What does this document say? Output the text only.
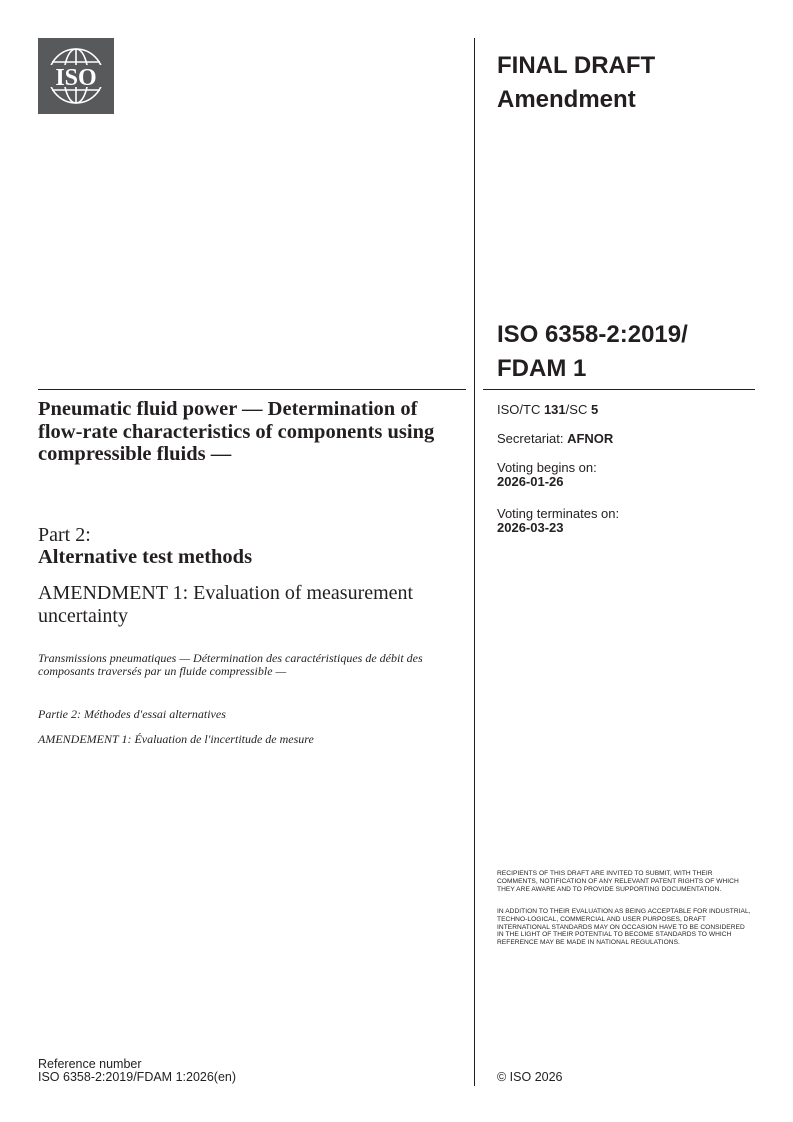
ISO	FINAL DRAFT
Amendment
ISO 6358-2:2019/
FDAM 1
Pneumatic fluid power — Determination of flow-rate characteristics of components using compressible fluids —
Part 2:
Alternative test methods
AMENDMENT 1: Evaluation of measurement uncertainty
Transmissions pneumatiques — Détermination des caractéristiques de débit des composants traversés par un fluide compressible —
Partie 2: Méthodes d'essai alternatives
AMENDEMENT 1: Évaluation de l'incertitude de mesure
ISO/TC 131/SC 5
Secretariat: AFNOR
Voting begins on:
2026-01-26
Voting terminates on:
2026-03-23
RECIPIENTS OF THIS DRAFT ARE INVITED TO SUBMIT, WITH THEIR COMMENTS, NOTIFICATION OF ANY RELEVANT PATENT RIGHTS OF WHICH THEY ARE AWARE AND TO PROVIDE SUPPORTING DOCUMENTATION.
IN ADDITION TO THEIR EVALUATION AS BEING ACCEPTABLE FOR INDUSTRIAL, TECHNO-LOGICAL, COMMERCIAL AND USER PURPOSES, DRAFT INTERNATIONAL STANDARDS MAY ON OCCASION HAVE TO BE CONSIDERED IN THE LIGHT OF THEIR POTENTIAL TO BECOME STANDARDS TO WHICH REFERENCE MAY BE MADE IN NATIONAL REGULATIONS.
Reference number
ISO 6358-2:2019/FDAM 1:2026(en)	© ISO 2026
